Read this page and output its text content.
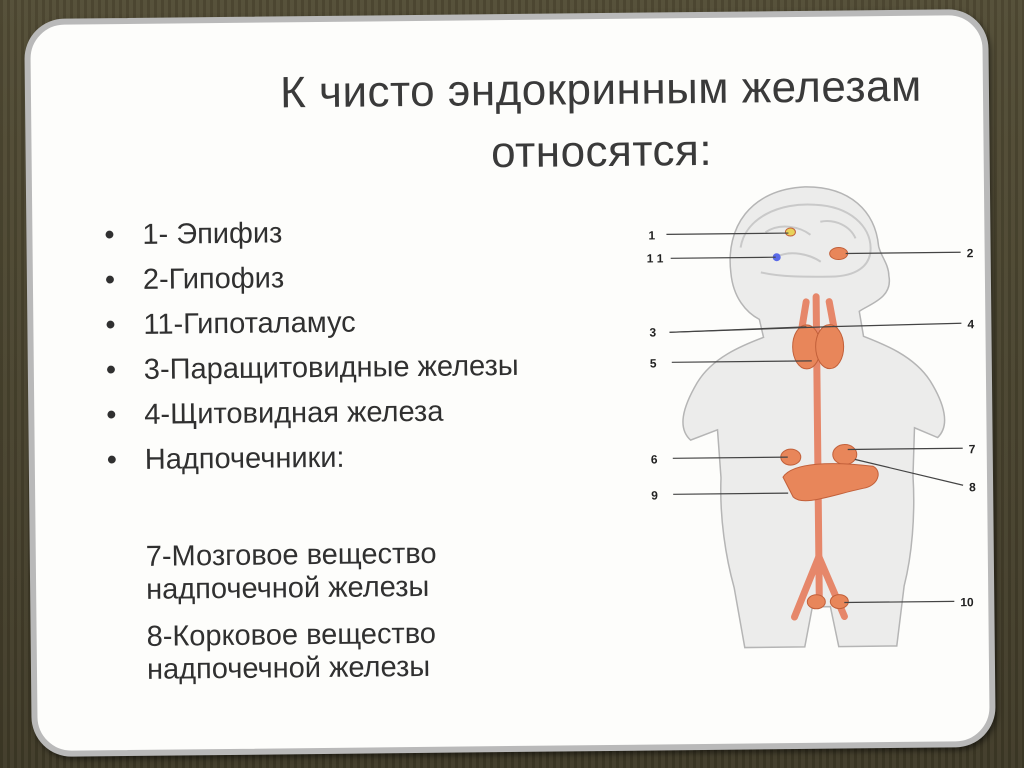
К чисто эндокринным железам относятся:
• 1- Эпифиз
• 2-Гипофиз
• 11-Гипоталамус
• 3-Паращитовидные железы
• 4-Щитовидная железа
• Надпочечники:
7-Мозговое вещество надпочечной железы
8-Корковое вещество надпочечной железы
1
1 1	2
3
4
5
6
7
8
9
10
